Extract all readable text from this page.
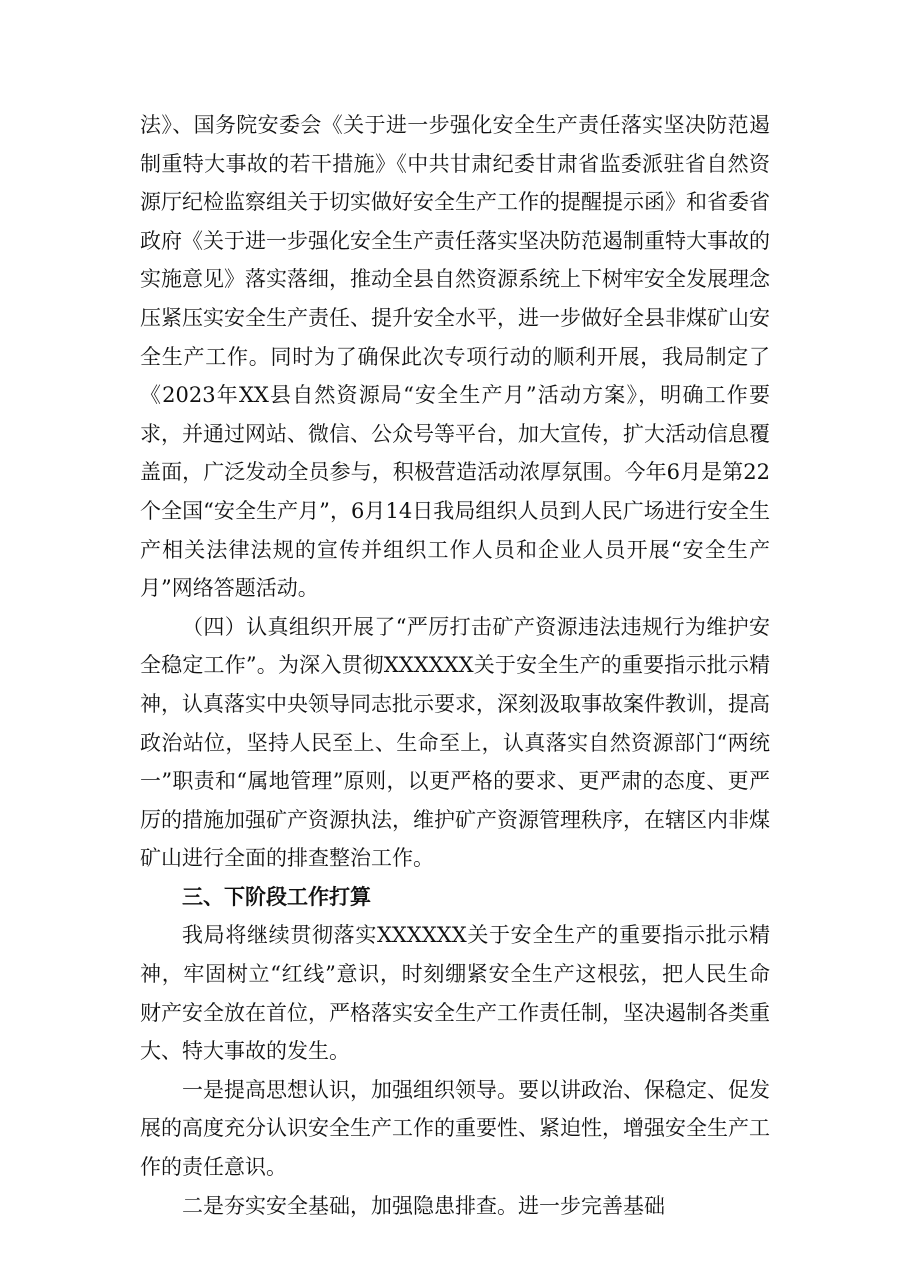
法》、国务院安委会《关于进一步强化安全生产责任落实坚决防范遏制重特大事故的若干措施》《中共甘肃纪委甘肃省监委派驻省自然资源厅纪检监察组关于切实做好安全生产工作的提醒提示函》和省委省政府《关于进一步强化安全生产责任落实坚决防范遏制重特大事故的实施意见》落实落细，推动全县自然资源系统上下树牢安全发展理念压紧压实安全生产责任、提升安全水平，进一步做好全县非煤矿山安全生产工作。同时为了确保此次专项行动的顺利开展，我局制定了《2023年XX县自然资源局“安全生产月”活动方案》，明确工作要求，并通过网站、微信、公众号等平台，加大宣传，扩大活动信息覆盖面，广泛发动全员参与，积极营造活动浓厚氛围。今年6月是第22个全国“安全生产月”，6月14日我局组织人员到人民广场进行安全生产相关法律法规的宣传并组织工作人员和企业人员开展“安全生产月”网络答题活动。

（四）认真组织开展了“严厉打击矿产资源违法违规行为维护安全稳定工作”。为深入贯彻XXXXXX关于安全生产的重要指示批示精神，认真落实中央领导同志批示要求，深刻汲取事故案件教训，提高政治站位，坚持人民至上、生命至上，认真落实自然资源部门“两统一”职责和“属地管理”原则，以更严格的要求、更严肃的态度、更严厉的措施加强矿产资源执法，维护矿产资源管理秩序，在辖区内非煤矿山进行全面的排查整治工作。

三、下阶段工作打算

我局将继续贯彻落实XXXXXX关于安全生产的重要指示批示精神，牢固树立“红线”意识，时刻绷紧安全生产这根弦，把人民生命财产安全放在首位，严格落实安全生产工作责任制，坚决遏制各类重大、特大事故的发生。

一是提高思想认识，加强组织领导。要以讲政治、保稳定、促发展的高度充分认识安全生产工作的重要性、紧迫性，增强安全生产工作的责任意识。

二是夯实安全基础，加强隐患排查。进一步完善基础
